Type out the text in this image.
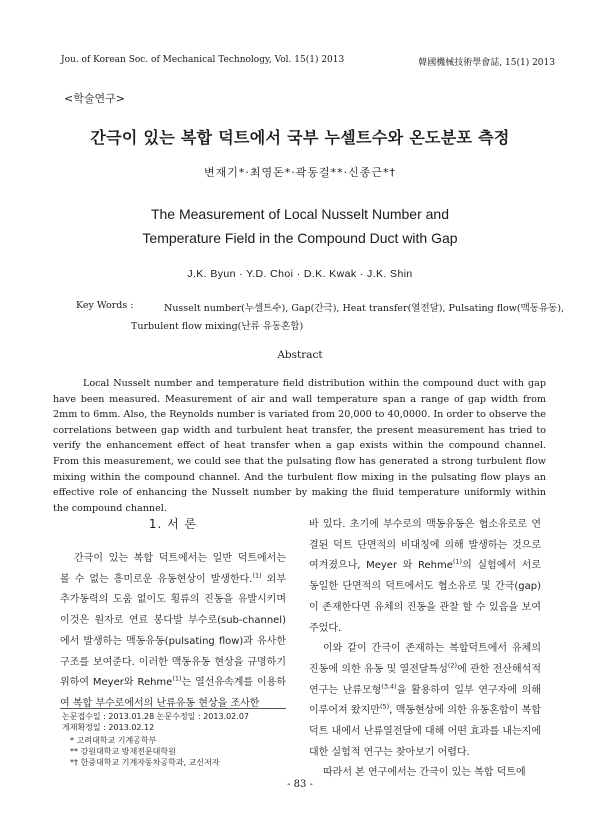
Jou. of Korean Soc. of Mechanical Technology, Vol. 15(1) 2013	韓國機械技術學會誌, 15(1) 2013
<학술연구>
간극이 있는 복합 덕트에서 국부 누셀트수와 온도분포 측정
변재기*·최영돈*·곽동걸**·신종근*†
The Measurement of Local Nusselt Number and
Temperature Field in the Compound Duct with Gap
J.K. Byun · Y.D. Choi · D.K. Kwak · J.K. Shin
Key Words :	Nusselt number(누셀트수), Gap(간극), Heat transfer(열전달), Pulsating flow(맥동유동),
Turbulent flow mixing(난류 유동혼합)
Abstract

Local Nusselt number and temperature field distribution within the compound duct with gap have been measured. Measurement of air and wall temperature span a range of gap width from 2mm to 6mm. Also, the Reynolds number is variated from 20,000 to 40,0000. In order to observe the correlations between gap width and turbulent heat transfer, the present measurement has tried to verify the enhancement effect of heat transfer when a gap exists within the compound channel. From this measurement, we could see that the pulsating flow has generated a strong turbulent flow mixing within the compound channel. And the turbulent flow mixing in the pulsating flow plays an effective role of enhancing the Nusselt number by making the fluid temperature uniformly within the compound channel.

1. 서 론

간극이 있는 복합 덕트에서는 일반 덕트에서는 볼 수 없는 흥미로운 유동현상이 발생한다.$^{(1)}$ 외부 추가동력의 도움 없이도 횡류의 진동을 유발시키며 이것은 원자로 연료 봉다발 부수로(sub-channel)에서 발생하는 맥동유동(pulsating flow)과 유사한 구조를 보여준다. 이러한 맥동유동 현상을 규명하기 위하여 Meyer와 Rehme$^{(1)}$는 열선유속계를 이용하여 복합 부수로에서의 난류유동 현상을 조사한

논문접수일 : 2013.01.28 논문수정일 : 2013.02.07
게재확정일 : 2013.02.12
* 고려대학교 기계공학부
** 강원대학교 방재전문대학원
*† 한중대학교 기계자동차공학과, 교신저자

바 있다. 초기에 부수로의 맥동유동은 협소유로로 연결된 덕트 단면적의 비대칭에 의해 발생하는 것으로 여겨졌으나, Meyer 와 Rehme$^{(1)}$의 실험에서 서로 동일한 단면적의 덕트에서도 협소유로 및 간극(gap)이 존재한다면 유체의 진동을 관찰 할 수 있음을 보여주었다.

이와 같이 간극이 존재하는 복합덕트에서 유체의 진동에 의한 유동 및 열전달특성$^{(2)}$에 관한 전산해석적 연구는 난류모형$^{(3,4)}$을 활용하여 일부 연구자에 의해 이루어져 왔지만$^{(5)}$, 맥동현상에 의한 유동혼합이 복합덕트 내에서 난류열전달에 대해 어떤 효과를 내는지에 대한 실험적 연구는 찾아보기 어렵다.

따라서 본 연구에서는 간극이 있는 복합 덕트에

- 83 -
